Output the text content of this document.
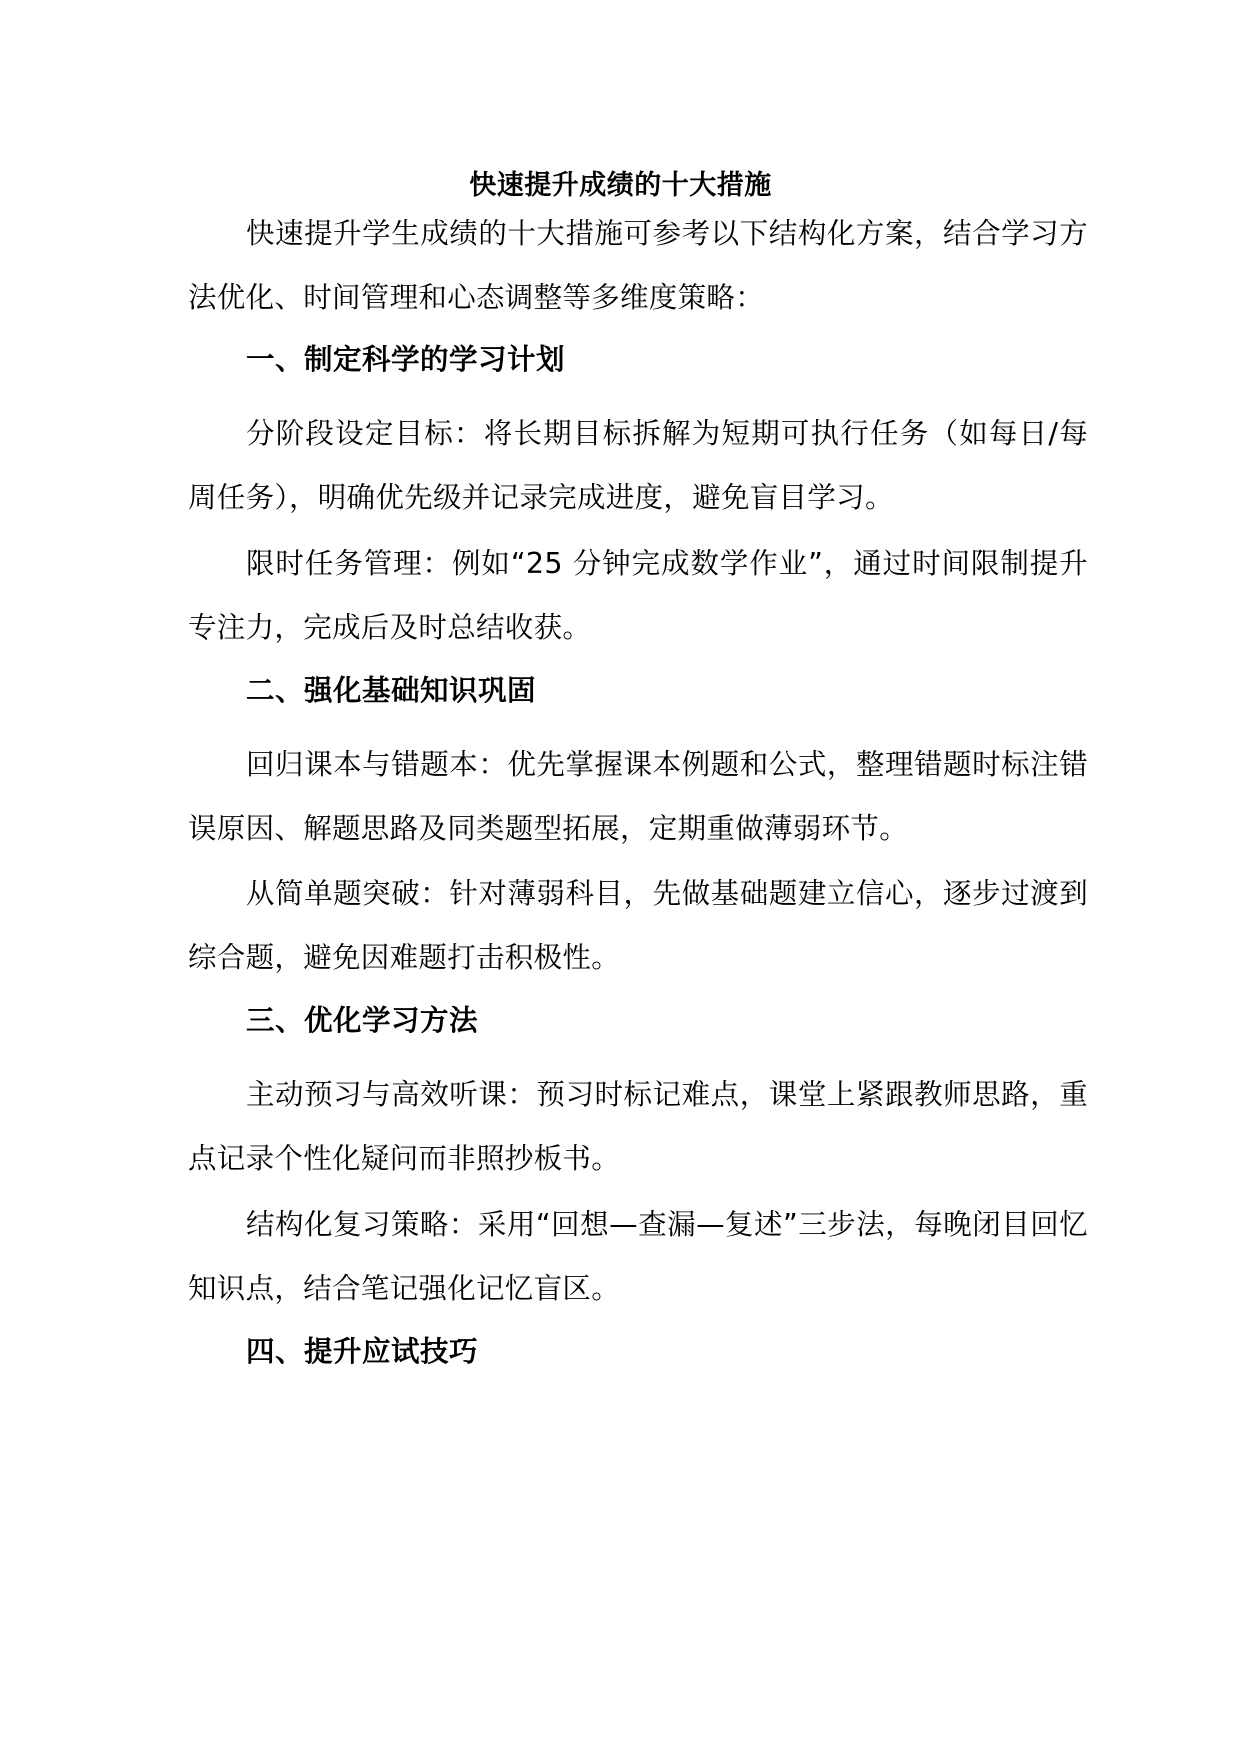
快速提升成绩的十大措施

快速提升学生成绩的十大措施可参考以下结构化方案，结合学习方法优化、时间管理和心态调整等多维度策略：

一、制定科学的学习计划

分阶段设定目标：将长期目标拆解为短期可执行任务（如每日/每周任务），明确优先级并记录完成进度，避免盲目学习。

限时任务管理：例如“25 分钟完成数学作业”，通过时间限制提升专注力，完成后及时总结收获。

二、强化基础知识巩固

回归课本与错题本：优先掌握课本例题和公式，整理错题时标注错误原因、解题思路及同类题型拓展，定期重做薄弱环节。

从简单题突破：针对薄弱科目，先做基础题建立信心，逐步过渡到综合题，避免因难题打击积极性。

三、优化学习方法

主动预习与高效听课：预习时标记难点，课堂上紧跟教师思路，重点记录个性化疑问而非照抄板书。

结构化复习策略：采用“回想—查漏—复述”三步法，每晚闭目回忆知识点，结合笔记强化记忆盲区。

四、提升应试技巧
